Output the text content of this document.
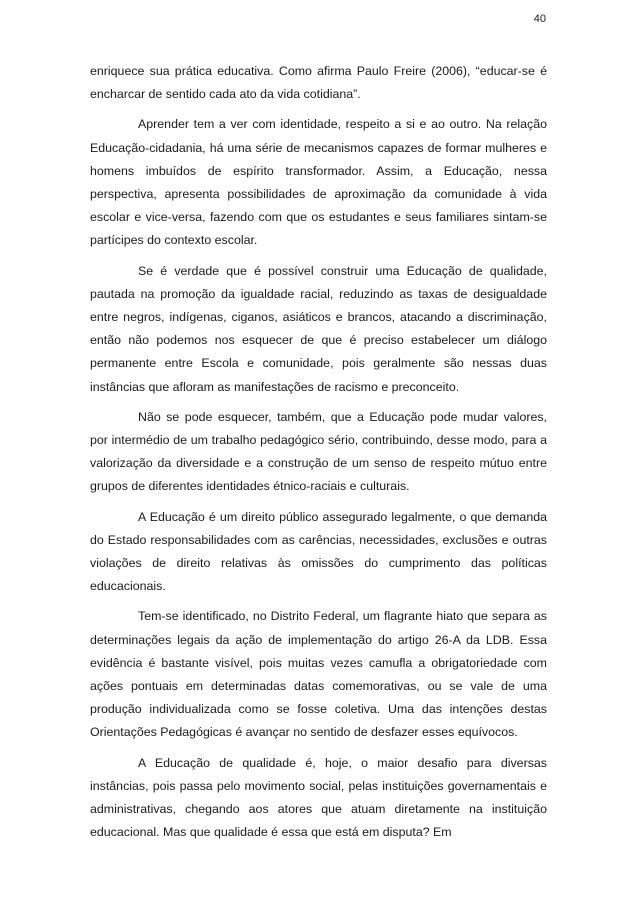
40

enriquece sua prática educativa. Como afirma Paulo Freire (2006), “educar-se é encharcar de sentido cada ato da vida cotidiana”.

Aprender tem a ver com identidade, respeito a si e ao outro. Na relação Educação-cidadania, há uma série de mecanismos capazes de formar mulheres e homens imbuídos de espírito transformador. Assim, a Educação, nessa perspectiva, apresenta possibilidades de aproximação da comunidade à vida escolar e vice-versa, fazendo com que os estudantes e seus familiares sintam-se partícipes do contexto escolar.

Se é verdade que é possível construir uma Educação de qualidade, pautada na promoção da igualdade racial, reduzindo as taxas de desigualdade entre negros, indígenas, ciganos, asiáticos e brancos, atacando a discriminação, então não podemos nos esquecer de que é preciso estabelecer um diálogo permanente entre Escola e comunidade, pois geralmente são nessas duas instâncias que afloram as manifestações de racismo e preconceito.

Não se pode esquecer, também, que a Educação pode mudar valores, por intermédio de um trabalho pedagógico sério, contribuindo, desse modo, para a valorização da diversidade e a construção de um senso de respeito mútuo entre grupos de diferentes identidades étnico-raciais e culturais.

A Educação é um direito público assegurado legalmente, o que demanda do Estado responsabilidades com as carências, necessidades, exclusões e outras violações de direito relativas às omissões do cumprimento das políticas educacionais.

Tem-se identificado, no Distrito Federal, um flagrante hiato que separa as determinações legais da ação de implementação do artigo 26-A da LDB. Essa evidência é bastante visível, pois muitas vezes camufla a obrigatoriedade com ações pontuais em determinadas datas comemorativas, ou se vale de uma produção individualizada como se fosse coletiva. Uma das intenções destas Orientações Pedagógicas é avançar no sentido de desfazer esses equívocos.

A Educação de qualidade é, hoje, o maior desafio para diversas instâncias, pois passa pelo movimento social, pelas instituições governamentais e administrativas, chegando aos atores que atuam diretamente na instituição educacional. Mas que qualidade é essa que está em disputa? Em
